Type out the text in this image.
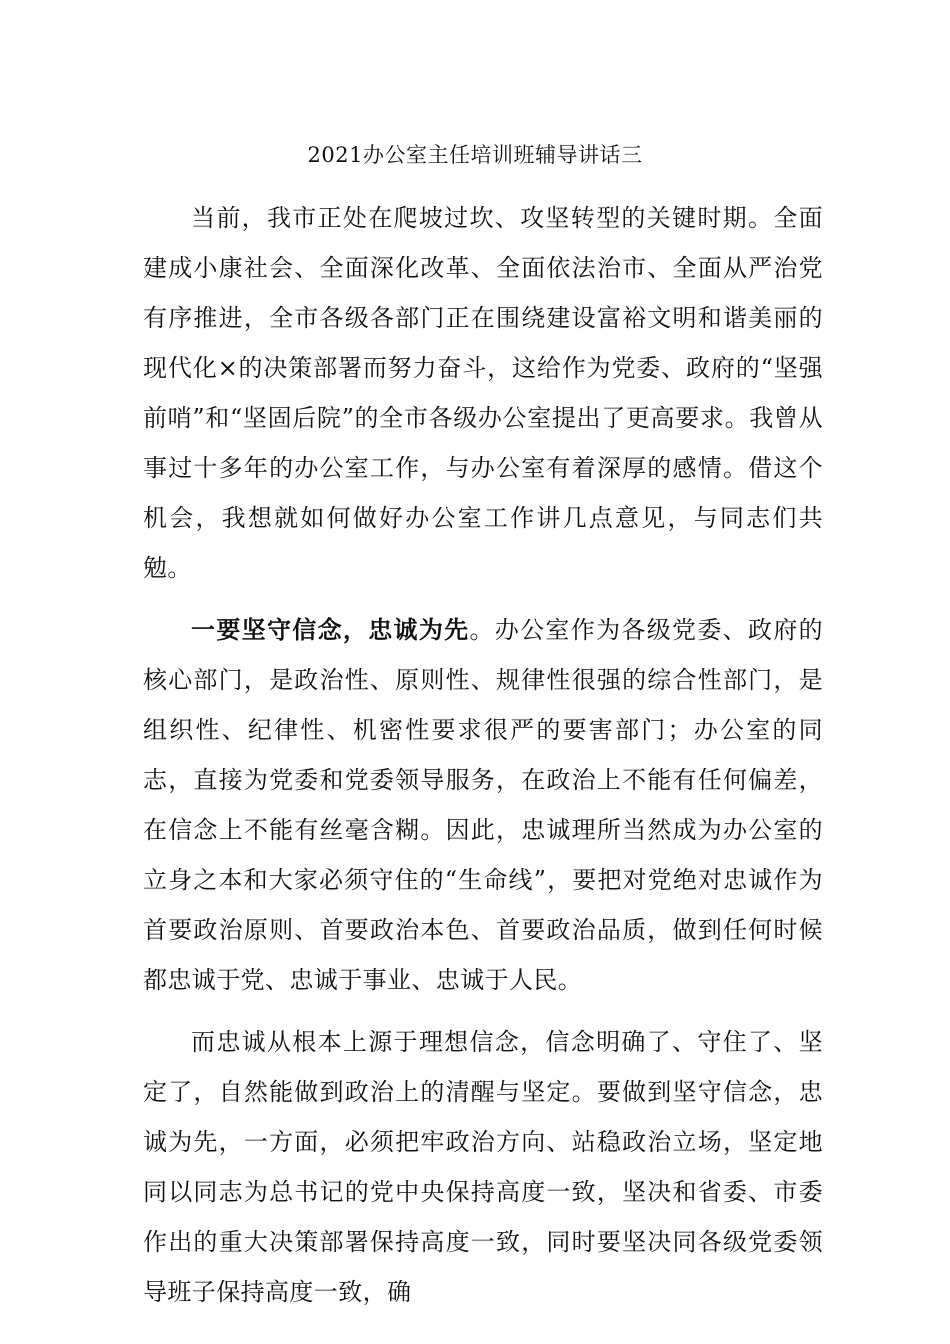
2021办公室主任培训班辅导讲话三

当前，我市正处在爬坡过坎、攻坚转型的关键时期。全面建成小康社会、全面深化改革、全面依法治市、全面从严治党有序推进，全市各级各部门正在围绕建设富裕文明和谐美丽的现代化×的决策部署而努力奋斗，这给作为党委、政府的“坚强前哨”和“坚固后院”的全市各级办公室提出了更高要求。我曾从事过十多年的办公室工作，与办公室有着深厚的感情。借这个机会，我想就如何做好办公室工作讲几点意见，与同志们共勉。

一要坚守信念，忠诚为先。办公室作为各级党委、政府的核心部门，是政治性、原则性、规律性很强的综合性部门，是组织性、纪律性、机密性要求很严的要害部门；办公室的同志，直接为党委和党委领导服务，在政治上不能有任何偏差，在信念上不能有丝毫含糊。因此，忠诚理所当然成为办公室的立身之本和大家必须守住的“生命线”，要把对党绝对忠诚作为首要政治原则、首要政治本色、首要政治品质，做到任何时候都忠诚于党、忠诚于事业、忠诚于人民。

而忠诚从根本上源于理想信念，信念明确了、守住了、坚定了，自然能做到政治上的清醒与坚定。要做到坚守信念，忠诚为先，一方面，必须把牢政治方向、站稳政治立场，坚定地同以同志为总书记的党中央保持高度一致，坚决和省委、市委作出的重大决策部署保持高度一致，同时要坚决同各级党委领导班子保持高度一致，确
